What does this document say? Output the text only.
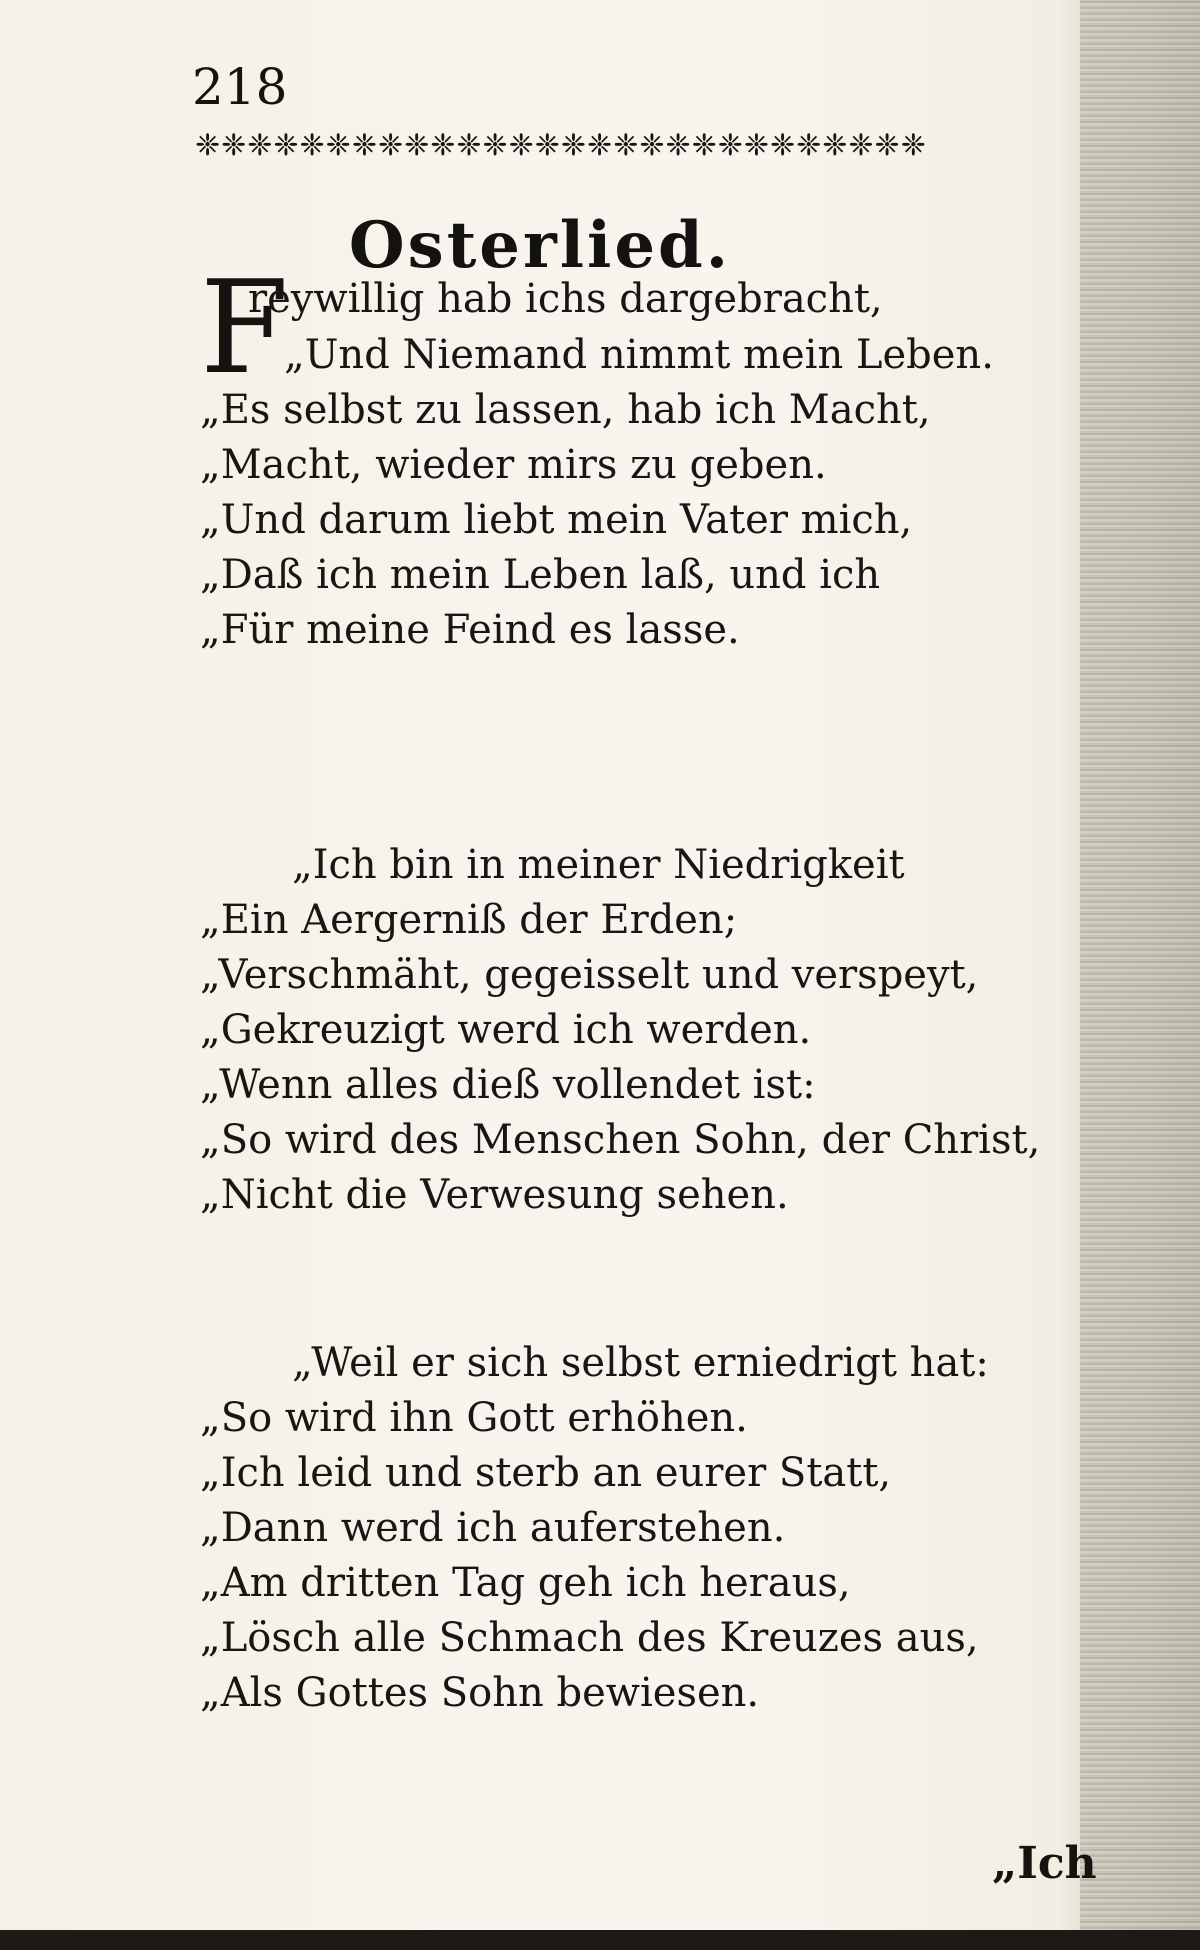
218
❈❈❈❈❈❈❈❈❈❈❈❈❈❈❈❈❈❈❈❈❈❈❈❈❈❈❈❈
Osterlied.
F
reywillig hab ichs dargebracht,
„Und Niemand nimmt mein Leben.
„Es selbst zu lassen, hab ich Macht,
„Macht, wieder mirs zu geben.
„Und darum liebt mein Vater mich,
„Daß ich mein Leben laß, und ich
„Für meine Feind es lasse.
„Ich bin in meiner Niedrigkeit
„Ein Aergerniß der Erden;
„Verschmäht, gegeisselt und verspeyt,
„Gekreuzigt werd ich werden.
„Wenn alles dieß vollendet ist:
„So wird des Menschen Sohn, der Christ,
„Nicht die Verwesung sehen.
„Weil er sich selbst erniedrigt hat:
„So wird ihn Gott erhöhen.
„Ich leid und sterb an eurer Statt,
„Dann werd ich auferstehen.
„Am dritten Tag geh ich heraus,
„Lösch alle Schmach des Kreuzes aus,
„Als Gottes Sohn bewiesen.
„Ich
